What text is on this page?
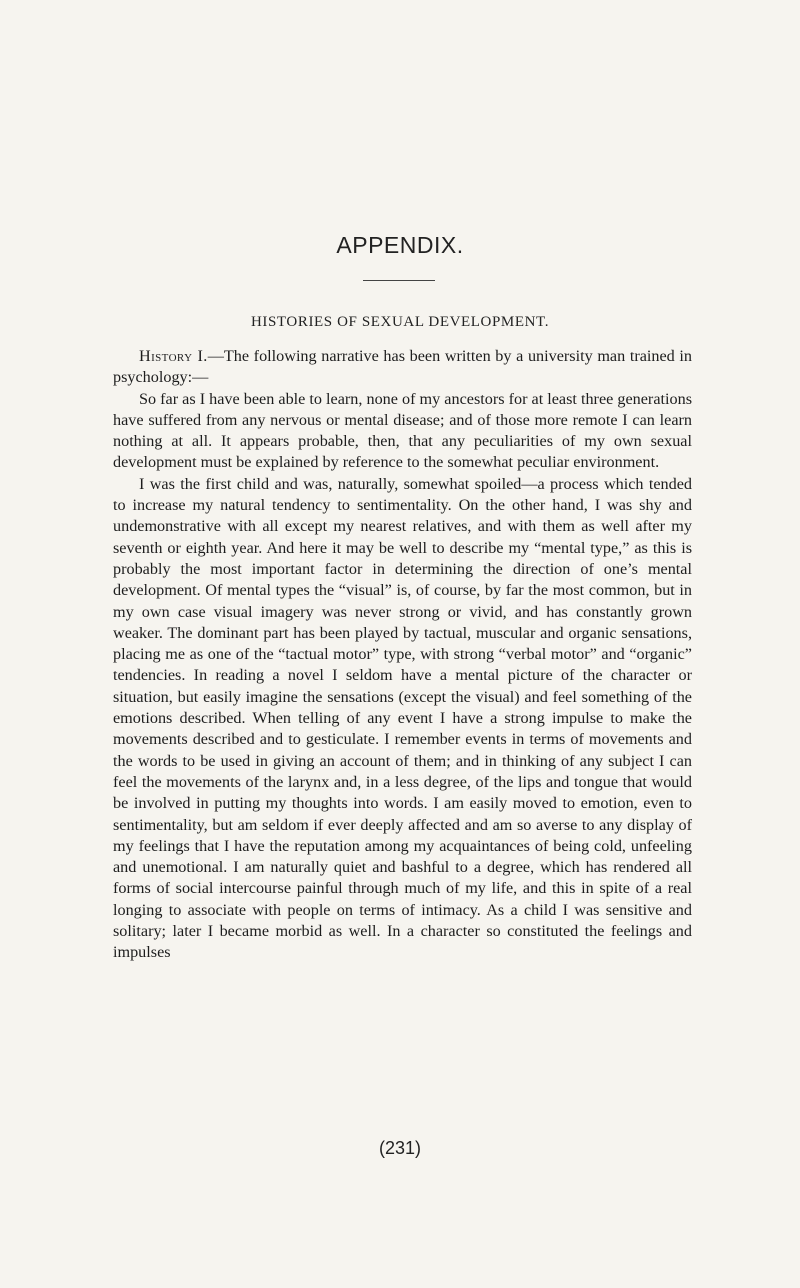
APPENDIX.
HISTORIES OF SEXUAL DEVELOPMENT.

History I.—The following narrative has been written by a university man trained in psychology:—

So far as I have been able to learn, none of my ancestors for at least three generations have suffered from any nervous or mental disease; and of those more remote I can learn nothing at all. It appears probable, then, that any peculiarities of my own sexual development must be explained by reference to the somewhat peculiar environment.

I was the first child and was, naturally, somewhat spoiled—a process which tended to increase my natural tendency to sentimentality. On the other hand, I was shy and undemonstrative with all except my nearest relatives, and with them as well after my seventh or eighth year. And here it may be well to describe my “mental type,” as this is probably the most important factor in determining the direction of one’s mental development. Of mental types the “visual” is, of course, by far the most common, but in my own case visual imagery was never strong or vivid, and has constantly grown weaker. The dominant part has been played by tactual, muscular and organic sensations, placing me as one of the “tactual motor” type, with strong “verbal motor” and “organic” tendencies. In reading a novel I seldom have a mental picture of the character or situation, but easily imagine the sensations (except the visual) and feel something of the emotions described. When telling of any event I have a strong impulse to make the movements described and to gesticulate. I remember events in terms of movements and the words to be used in giving an account of them; and in thinking of any subject I can feel the movements of the larynx and, in a less degree, of the lips and tongue that would be involved in putting my thoughts into words. I am easily moved to emotion, even to sentimentality, but am seldom if ever deeply affected and am so averse to any display of my feelings that I have the reputation among my acquaintances of being cold, unfeeling and unemotional. I am naturally quiet and bashful to a degree, which has rendered all forms of social intercourse painful through much of my life, and this in spite of a real longing to associate with people on terms of intimacy. As a child I was sensitive and solitary; later I became morbid as well. In a character so constituted the feelings and impulses

(231)
